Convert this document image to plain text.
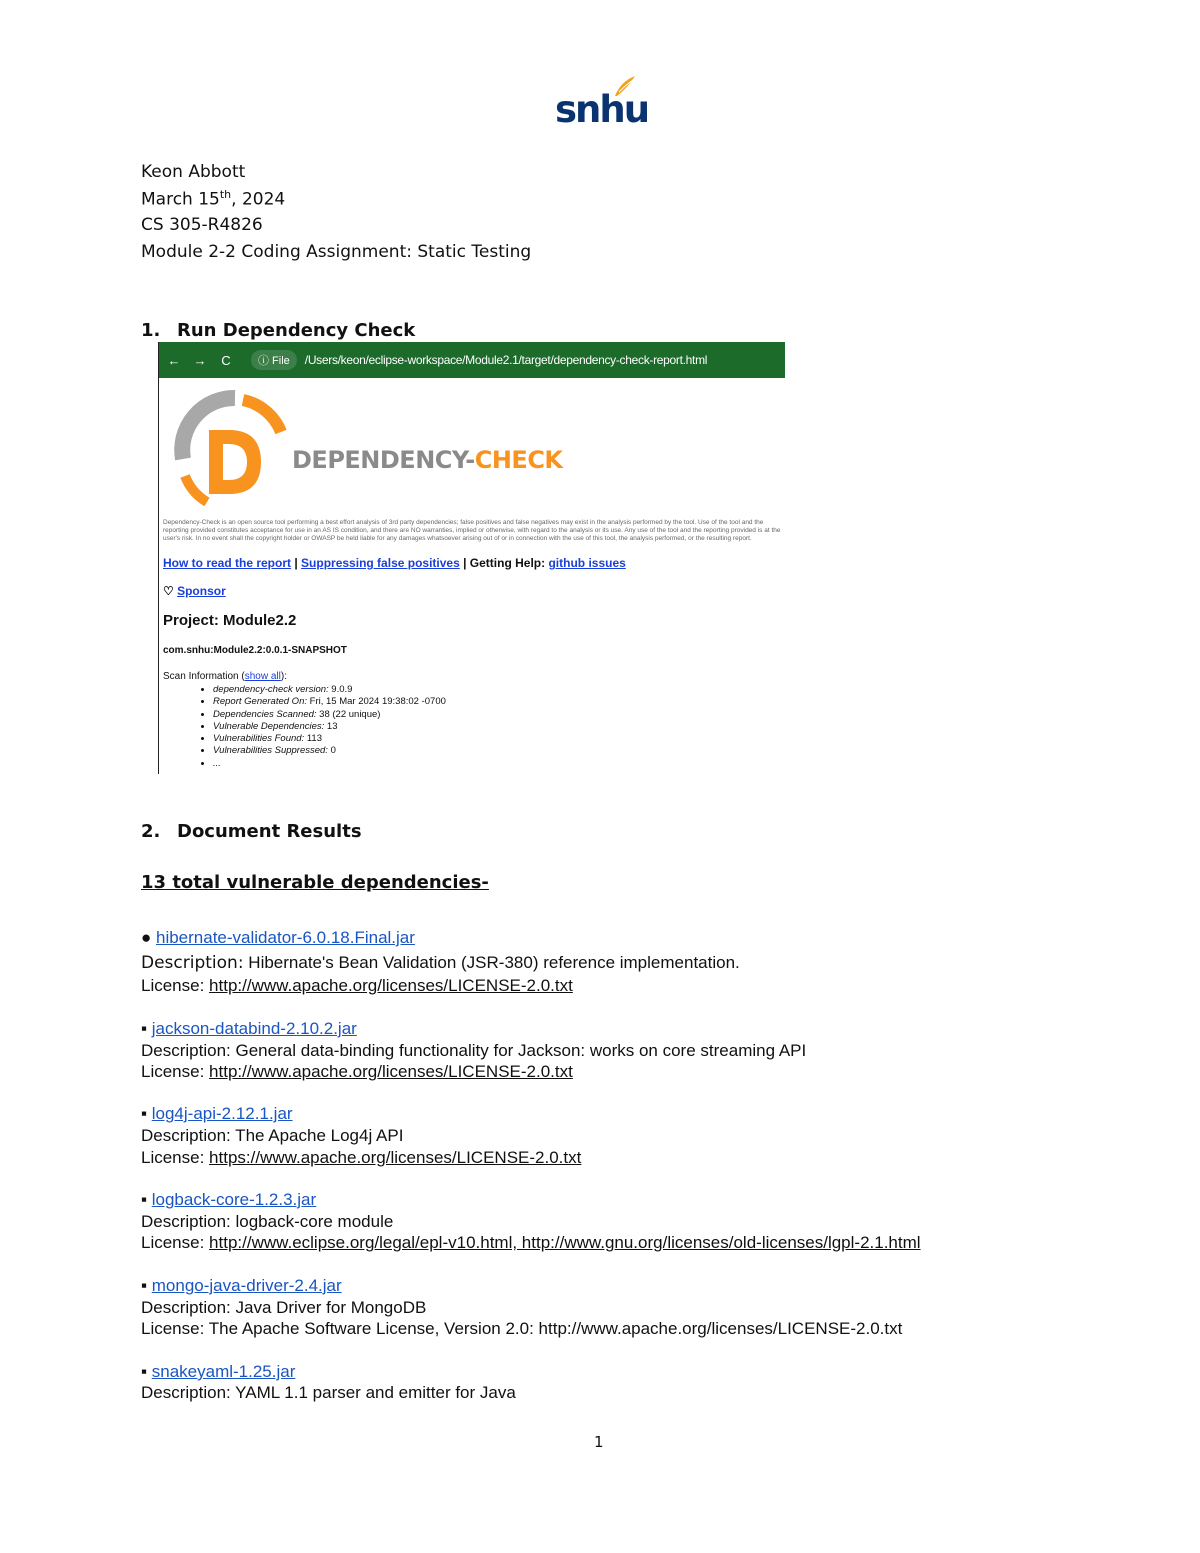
snhu
Keon Abbott
March 15th, 2024
CS 305-R4826
Module 2-2 Coding Assignment: Static Testing
1. Run Dependency Check
←	→	C	ⓘ File	/Users/keon/eclipse-workspace/Module2.1/target/dependency-check-report.html
DEPENDENCY-CHECK
Dependency-Check is an open source tool performing a best effort analysis of 3rd party dependencies; false positives and false negatives may exist in the analysis performed by the tool. Use of the tool and the reporting provided constitutes acceptance for use in an AS IS condition, and there are NO warranties, implied or otherwise, with regard to the analysis or its use. Any use of the tool and the reporting provided is at the user's risk. In no event shall the copyright holder or OWASP be held liable for any damages whatsoever arising out of or in connection with the use of this tool, the analysis performed, or the resulting report.
How to read the report | Suppressing false positives | Getting Help: github issues
♡ Sponsor
Project: Module2.2
com.snhu:Module2.2:0.0.1-SNAPSHOT
Scan Information (show all):
• dependency-check version: 9.0.9
• Report Generated On: Fri, 15 Mar 2024 19:38:02 -0700
• Dependencies Scanned: 38 (22 unique)
• Vulnerable Dependencies: 13
• Vulnerabilities Found: 113
• Vulnerabilities Suppressed: 0
• ...
2. Document Results
13 total vulnerable dependencies-
● hibernate-validator-6.0.18.Final.jar
Description: Hibernate's Bean Validation (JSR-380) reference implementation.
License: http://www.apache.org/licenses/LICENSE-2.0.txt
▪ jackson-databind-2.10.2.jar
Description: General data-binding functionality for Jackson: works on core streaming API
License: http://www.apache.org/licenses/LICENSE-2.0.txt
▪ log4j-api-2.12.1.jar
Description: The Apache Log4j API
License: https://www.apache.org/licenses/LICENSE-2.0.txt
▪ logback-core-1.2.3.jar
Description: logback-core module
License: http://www.eclipse.org/legal/epl-v10.html, http://www.gnu.org/licenses/old-licenses/lgpl-2.1.html
▪ mongo-java-driver-2.4.jar
Description: Java Driver for MongoDB
License: The Apache Software License, Version 2.0: http://www.apache.org/licenses/LICENSE-2.0.txt
▪ snakeyaml-1.25.jar
Description: YAML 1.1 parser and emitter for Java
1
